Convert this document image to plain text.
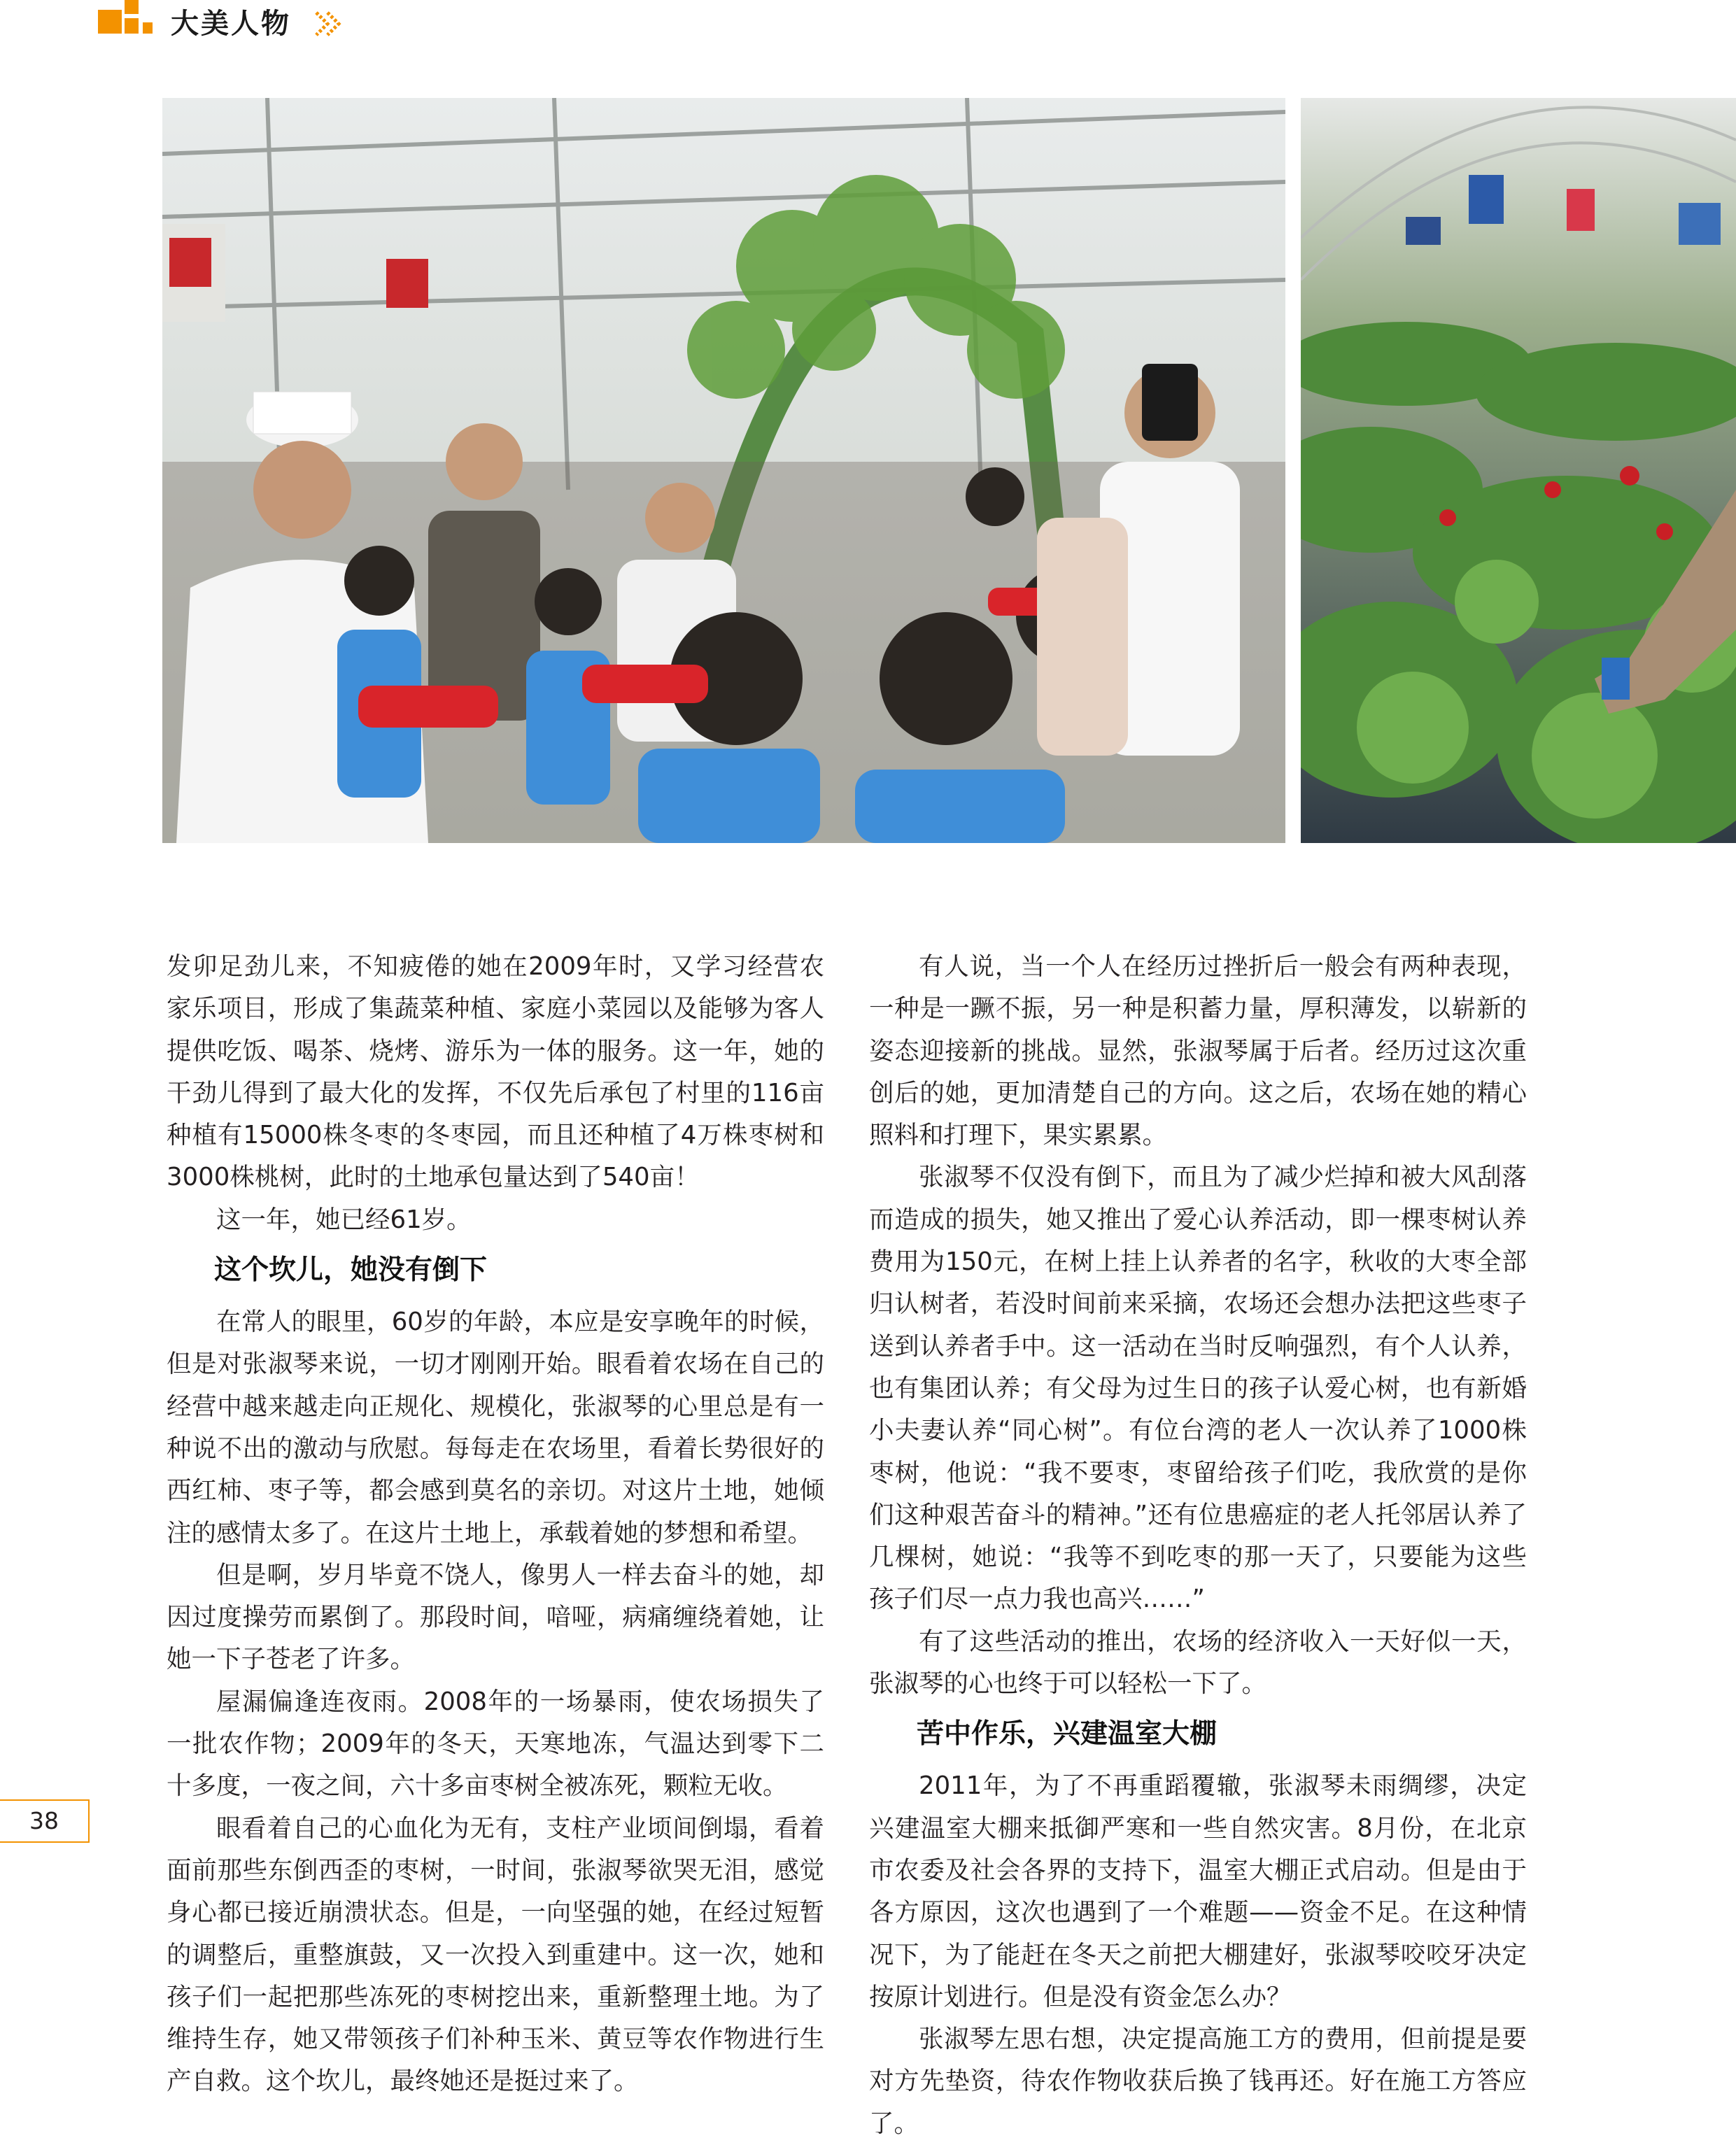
大美人物

发卯足劲儿来，不知疲倦的她在2009年时，又学习经营农家乐项目，形成了集蔬菜种植、家庭小菜园以及能够为客人提供吃饭、喝茶、烧烤、游乐为一体的服务。这一年，她的干劲儿得到了最大化的发挥，不仅先后承包了村里的116亩种植有15000株冬枣的冬枣园，而且还种植了4万株枣树和3000株桃树，此时的土地承包量达到了540亩！

这一年，她已经61岁。

这个坎儿，她没有倒下

在常人的眼里，60岁的年龄，本应是安享晚年的时候，但是对张淑琴来说，一切才刚刚开始。眼看着农场在自己的经营中越来越走向正规化、规模化，张淑琴的心里总是有一种说不出的激动与欣慰。每每走在农场里，看着长势很好的西红柿、枣子等，都会感到莫名的亲切。对这片土地，她倾注的感情太多了。在这片土地上，承载着她的梦想和希望。

但是啊，岁月毕竟不饶人，像男人一样去奋斗的她，却因过度操劳而累倒了。那段时间，喑哑，病痛缠绕着她，让她一下子苍老了许多。

屋漏偏逢连夜雨。2008年的一场暴雨，使农场损失了一批农作物；2009年的冬天，天寒地冻，气温达到零下二十多度，一夜之间，六十多亩枣树全被冻死，颗粒无收。

眼看着自己的心血化为无有，支柱产业顷间倒塌，看着面前那些东倒西歪的枣树，一时间，张淑琴欲哭无泪，感觉身心都已接近崩溃状态。但是，一向坚强的她，在经过短暂的调整后，重整旗鼓，又一次投入到重建中。这一次，她和孩子们一起把那些冻死的枣树挖出来，重新整理土地。为了维持生存，她又带领孩子们补种玉米、黄豆等农作物进行生产自救。这个坎儿，最终她还是挺过来了。

有人说，当一个人在经历过挫折后一般会有两种表现，一种是一蹶不振，另一种是积蓄力量，厚积薄发，以崭新的姿态迎接新的挑战。显然，张淑琴属于后者。经历过这次重创后的她，更加清楚自己的方向。这之后，农场在她的精心照料和打理下，果实累累。

张淑琴不仅没有倒下，而且为了减少烂掉和被大风刮落而造成的损失，她又推出了爱心认养活动，即一棵枣树认养费用为150元，在树上挂上认养者的名字，秋收的大枣全部归认树者，若没时间前来采摘，农场还会想办法把这些枣子送到认养者手中。这一活动在当时反响强烈，有个人认养，也有集团认养；有父母为过生日的孩子认爱心树，也有新婚小夫妻认养“同心树”。有位台湾的老人一次认养了1000株枣树，他说：“我不要枣，枣留给孩子们吃，我欣赏的是你们这种艰苦奋斗的精神。”还有位患癌症的老人托邻居认养了几棵树，她说：“我等不到吃枣的那一天了，只要能为这些孩子们尽一点力我也高兴……”

有了这些活动的推出，农场的经济收入一天好似一天，张淑琴的心也终于可以轻松一下了。

苦中作乐，兴建温室大棚

2011年，为了不再重蹈覆辙，张淑琴未雨绸缪，决定兴建温室大棚来抵御严寒和一些自然灾害。8月份，在北京市农委及社会各界的支持下，温室大棚正式启动。但是由于各方原因，这次也遇到了一个难题——资金不足。在这种情况下，为了能赶在冬天之前把大棚建好，张淑琴咬咬牙决定按原计划进行。但是没有资金怎么办？

张淑琴左思右想，决定提高施工方的费用，但前提是要对方先垫资，待农作物收获后换了钱再还。好在施工方答应了。

38
